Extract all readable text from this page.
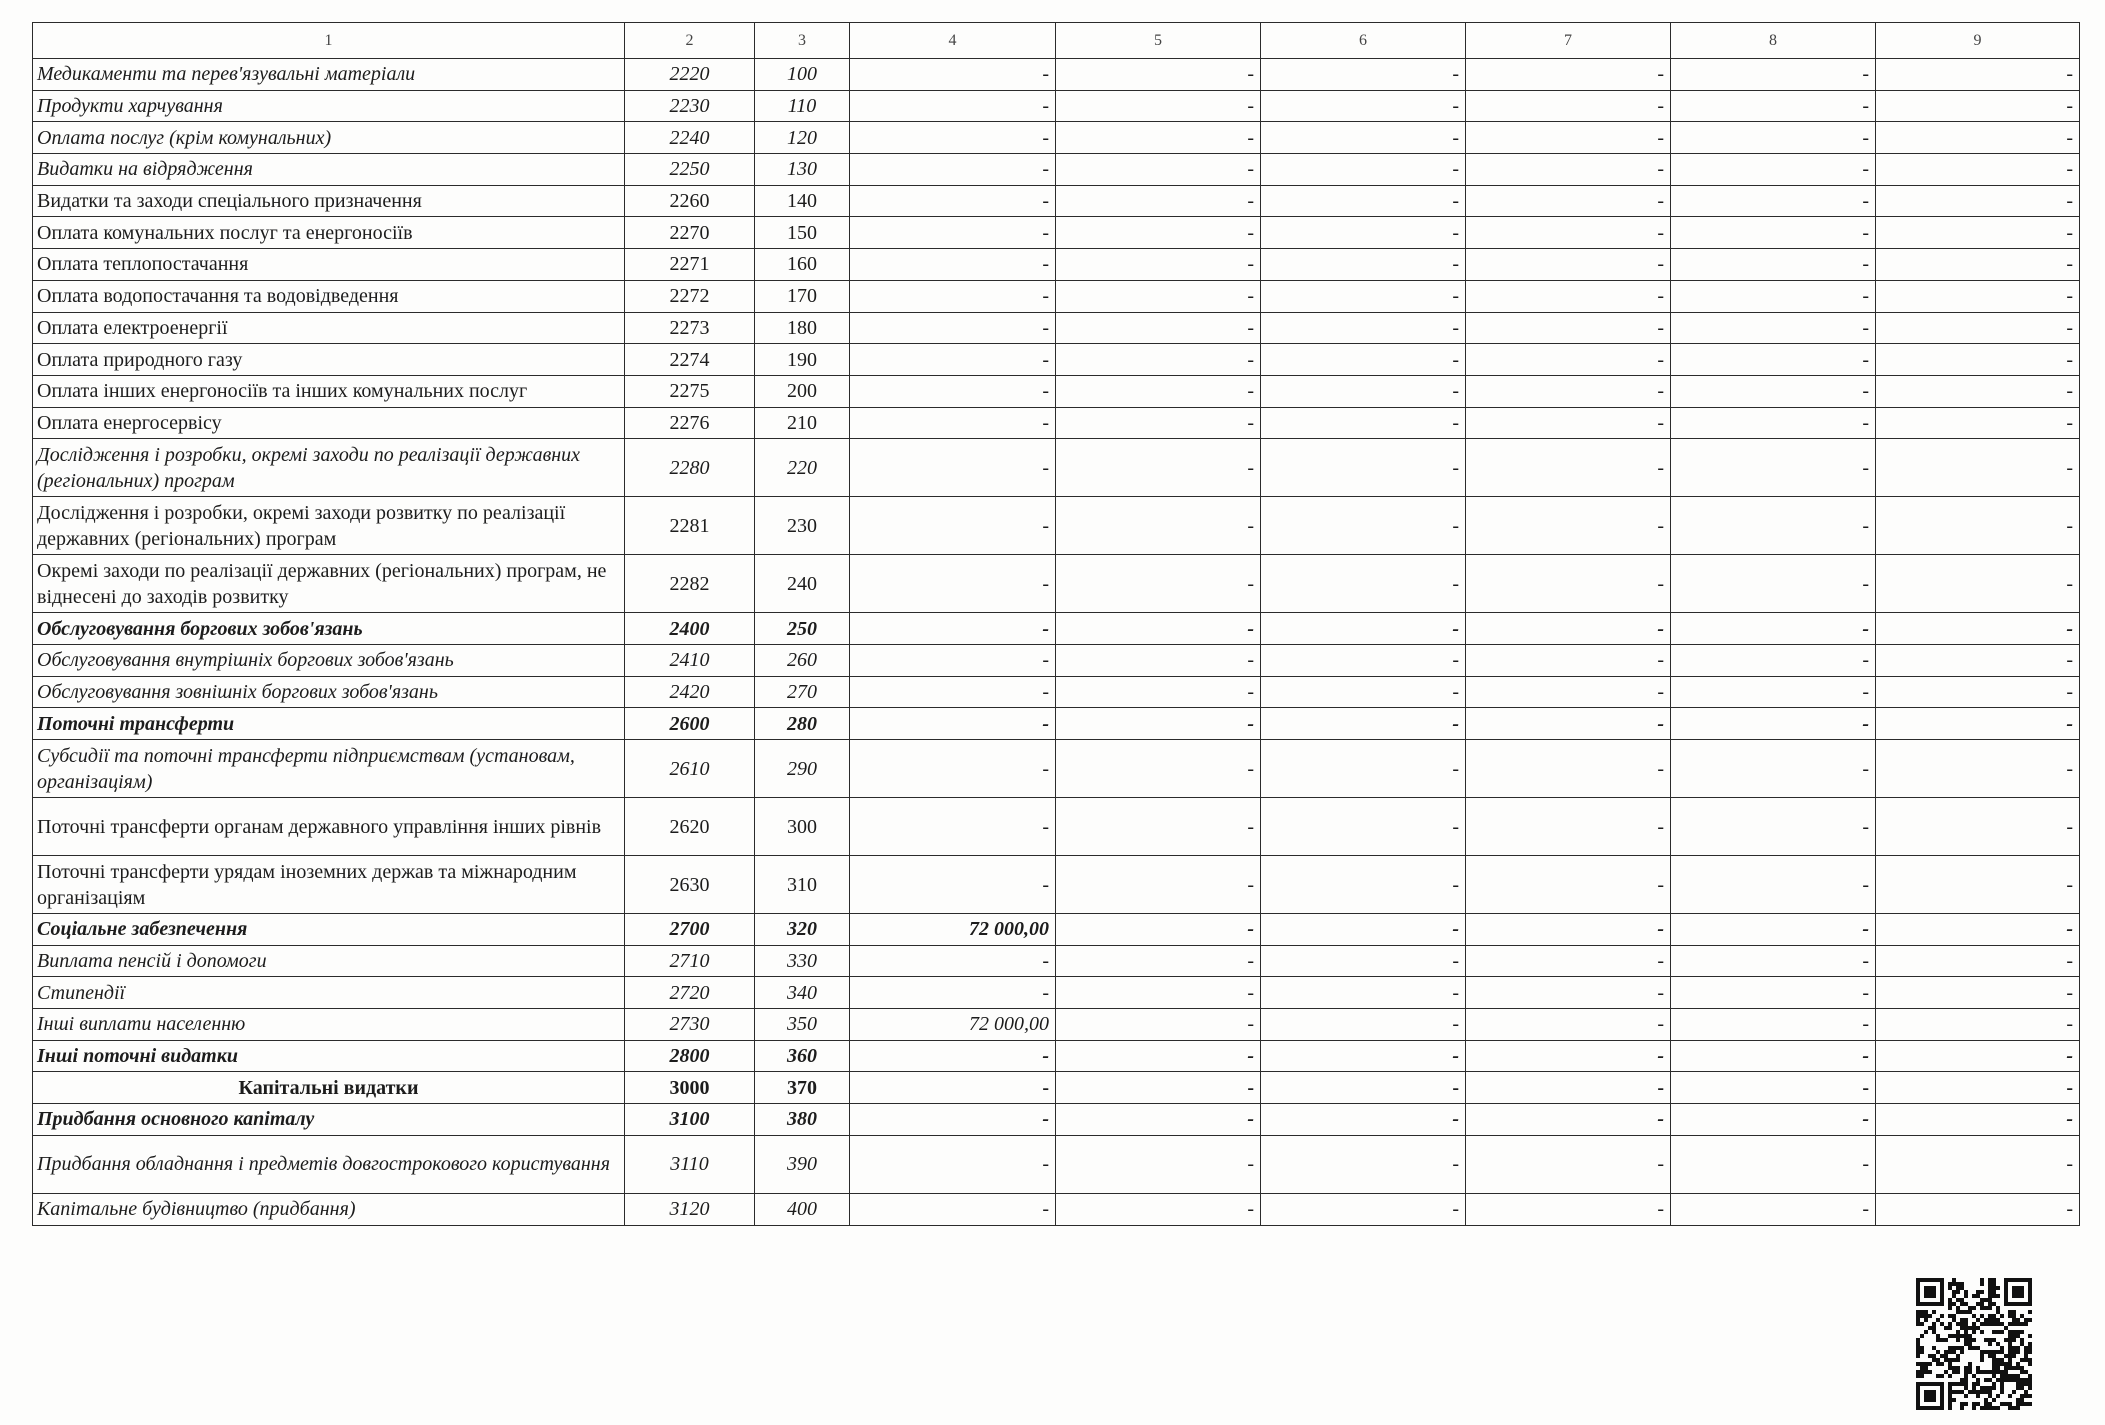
1	2	3	4	5	6	7	8	9
Медикаменти та перев'язувальні матеріали	2220	100	-	-	-	-	-	-
Продукти харчування	2230	110	-	-	-	-	-	-
Оплата послуг (крім комунальних)	2240	120	-	-	-	-	-	-
Видатки на відрядження	2250	130	-	-	-	-	-	-
Видатки та заходи спеціального призначення	2260	140	-	-	-	-	-	-
Оплата комунальних послуг та енергоносіїв	2270	150	-	-	-	-	-	-
Оплата теплопостачання	2271	160	-	-	-	-	-	-
Оплата водопостачання та водовідведення	2272	170	-	-	-	-	-	-
Оплата електроенергії	2273	180	-	-	-	-	-	-
Оплата природного газу	2274	190	-	-	-	-	-	-
Оплата інших енергоносіїв та інших комунальних послуг	2275	200	-	-	-	-	-	-
Оплата енергосервісу	2276	210	-	-	-	-	-	-
Дослідження і розробки, окремі заходи по реалізації державних (регіональних) програм	2280	220	-	-	-	-	-	-
Дослідження і розробки, окремі заходи розвитку по реалізації державних (регіональних) програм	2281	230	-	-	-	-	-	-
Окремі заходи по реалізації державних (регіональних) програм, не віднесені до заходів розвитку	2282	240	-	-	-	-	-	-
Обслуговування боргових зобов'язань	2400	250	-	-	-	-	-	-
Обслуговування внутрішніх боргових зобов'язань	2410	260	-	-	-	-	-	-
Обслуговування зовнішніх боргових зобов'язань	2420	270	-	-	-	-	-	-
Поточні трансферти	2600	280	-	-	-	-	-	-
Субсидії та поточні трансферти підприємствам (установам, організаціям)	2610	290	-	-	-	-	-	-
Поточні трансферти органам державного управління інших рівнів	2620	300	-	-	-	-	-	-
Поточні трансферти урядам іноземних держав та міжнародним організаціям	2630	310	-	-	-	-	-	-
Соціальне забезпечення	2700	320	72 000,00	-	-	-	-	-
Виплата пенсій і допомоги	2710	330	-	-	-	-	-	-
Стипендії	2720	340	-	-	-	-	-	-
Інші виплати населенню	2730	350	72 000,00	-	-	-	-	-
Інші поточні видатки	2800	360	-	-	-	-	-	-
Капітальні видатки	3000	370	-	-	-	-	-	-
Придбання основного капіталу	3100	380	-	-	-	-	-	-
Придбання обладнання і предметів довгострокового користування	3110	390	-	-	-	-	-	-
Капітальне будівництво (придбання)	3120	400	-	-	-	-	-	-
